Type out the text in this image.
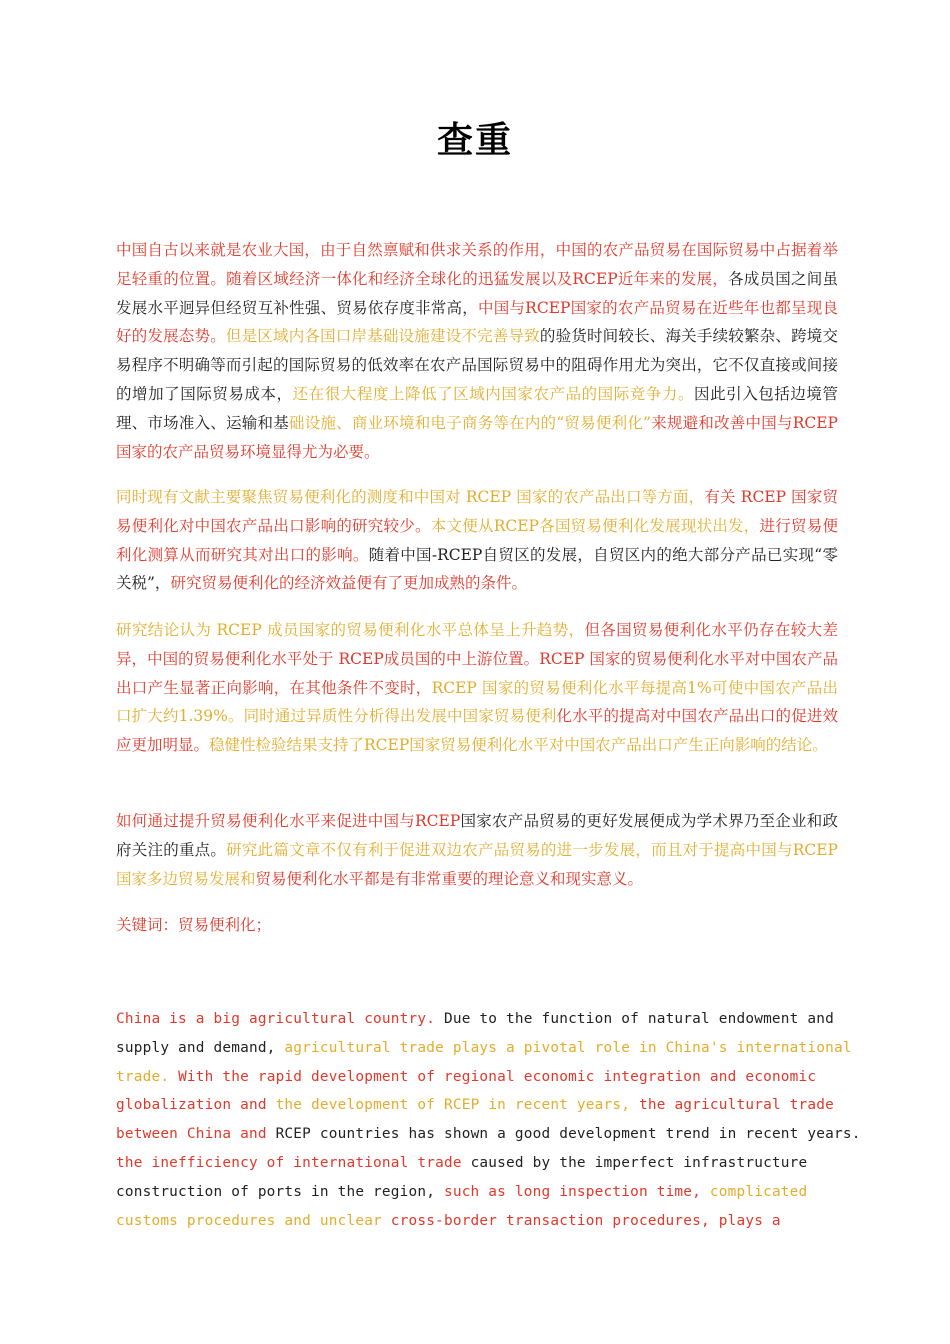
查重

中国自古以来就是农业大国，由于自然禀赋和供求关系的作用，中国的农产品贸易在国际贸易中占据着举足轻重的位置。随着区域经济一体化和经济全球化的迅猛发展以及RCEP近年来的发展，各成员国之间虽发展水平迥异但经贸互补性强、贸易依存度非常高，中国与RCEP国家的农产品贸易在近些年也都呈现良好的发展态势。但是区域内各国口岸基础设施建设不完善导致的验货时间较长、海关手续较繁杂、跨境交易程序不明确等而引起的国际贸易的低效率在农产品国际贸易中的阻碍作用尤为突出，它不仅直接或间接的增加了国际贸易成本，还在很大程度上降低了区域内国家农产品的国际竞争力。因此引入包括边境管理、市场准入、运输和基础设施、商业环境和电子商务等在内的“贸易便利化”来规避和改善中国与RCEP国家的农产品贸易环境显得尤为必要。

同时现有文献主要聚焦贸易便利化的测度和中国对 RCEP 国家的农产品出口等方面，有关 RCEP 国家贸易便利化对中国农产品出口影响的研究较少。本文便从RCEP各国贸易便利化发展现状出发，进行贸易便利化测算从而研究其对出口的影响。随着中国-RCEP自贸区的发展，自贸区内的绝大部分产品已实现“零关税”，研究贸易便利化的经济效益便有了更加成熟的条件。

研究结论认为 RCEP 成员国家的贸易便利化水平总体呈上升趋势，但各国贸易便利化水平仍存在较大差异，中国的贸易便利化水平处于 RCEP成员国的中上游位置。RCEP 国家的贸易便利化水平对中国农产品出口产生显著正向影响，在其他条件不变时，RCEP 国家的贸易便利化水平每提高1%可使中国农产品出口扩大约1.39%。同时通过异质性分析得出发展中国家贸易便利化水平的提高对中国农产品出口的促进效应更加明显。稳健性检验结果支持了RCEP国家贸易便利化水平对中国农产品出口产生正向影响的结论。

如何通过提升贸易便利化水平来促进中国与RCEP国家农产品贸易的更好发展便成为学术界乃至企业和政府关注的重点。研究此篇文章不仅有利于促进双边农产品贸易的进一步发展，而且对于提高中国与RCEP国家多边贸易发展和贸易便利化水平都是有非常重要的理论意义和现实意义。

关键词：贸易便利化；

China is a big agricultural country. Due to the function of natural endowment and
supply and demand, agricultural trade plays a pivotal role in China's international
trade. With the rapid development of regional economic integration and economic
globalization and the development of RCEP in recent years, the agricultural trade
between China and RCEP countries has shown a good development trend in recent years.
the inefficiency of international trade caused by the imperfect infrastructure
construction of ports in the region, such as long inspection time, complicated
customs procedures and unclear cross-border transaction procedures, plays a
